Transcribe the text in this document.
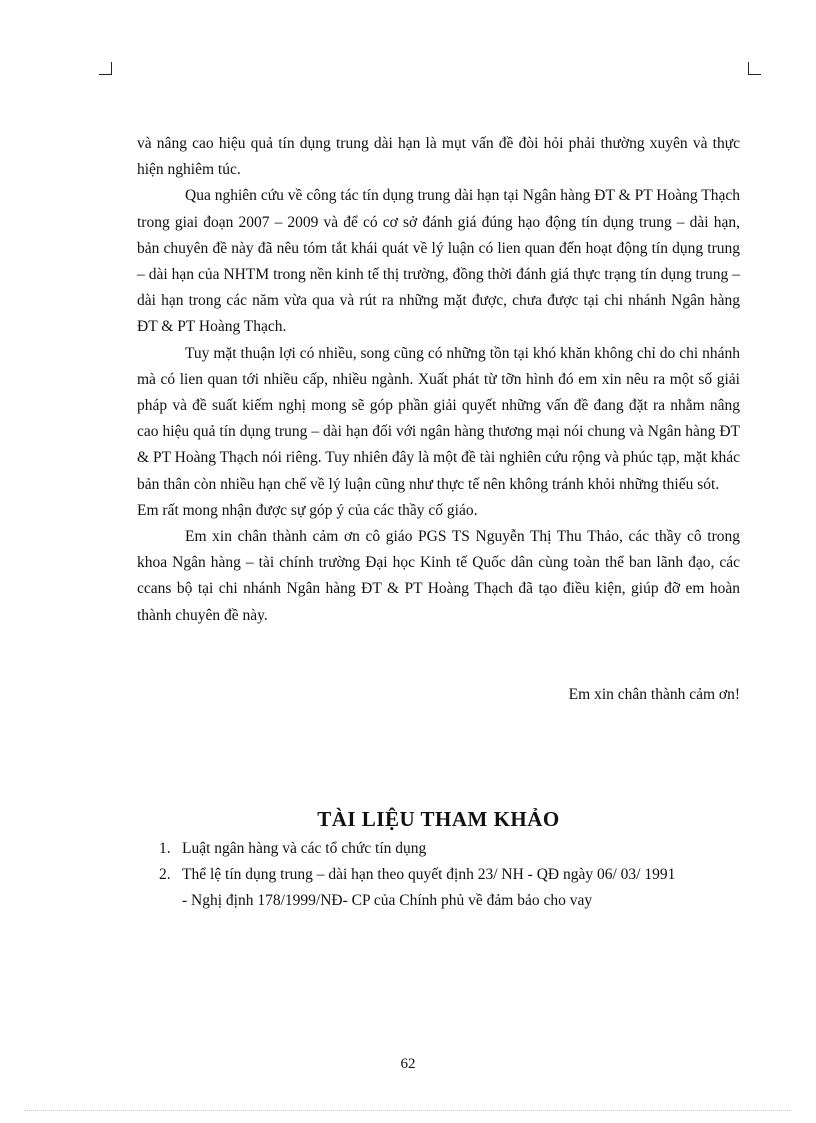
và nâng cao hiệu quả tín dụng trung dài hạn là mụt vấn đề đòi hỏi phải thường xuyên và thực hiện nghiêm túc.

Qua nghiên cứu về công tác tín dụng trung dài hạn tại Ngân hàng ĐT & PT Hoàng Thạch trong giai đoạn 2007 – 2009 và để có cơ sở đánh giá đúng hạo động tín dụng trung – dài hạn, bản chuyên đề này đã nêu tóm tắt khái quát về lý luận có lien quan đến hoạt động tín dụng trung – dài hạn của NHTM trong nền kinh tế thị trường, đồng thời đánh giá thực trạng tín dụng trung – dài hạn trong các năm vừa qua và rút ra những mặt được, chưa được tại chi nhánh Ngân hàng ĐT & PT Hoàng Thạch.

Tuy mặt thuận lợi có nhiều, song cũng có những tồn tại khó khăn không chỉ do chi nhánh mà có lien quan tới nhiều cấp, nhiều ngành. Xuất phát từ tỡn hình đó em xin nêu ra một số giải pháp và đề suất kiếm nghị mong sẽ góp phần giải quyết những vấn đề đang đặt ra nhằm nâng cao hiệu quả tín dụng trung – dài hạn đối với ngân hàng thương mại nói chung và Ngân hàng ĐT & PT Hoàng Thạch nói riêng. Tuy nhiên đây là một đề tài nghiên cứu rộng và phúc tạp, mặt khác bản thân còn nhiều hạn chế về lý luận cũng như thực tế nên không tránh khỏi những thiếu sót.

Em rất mong nhận được sự góp ý của các thầy cố giáo.

Em xin chân thành cảm ơn cô giáo PGS TS Nguyễn Thị Thu Thảo, các thầy cô trong khoa Ngân hàng – tài chính trường Đại học Kinh tế Quốc dân cùng toàn thể ban lãnh đạo, các ccans bộ tại chi nhánh Ngân hàng ĐT & PT Hoàng Thạch đã tạo điều kiện, giúp đỡ em hoàn thành chuyên đề này.

Em xin chân thành cảm ơn!
TÀI LIỆU THAM KHẢO
1. Luật ngân hàng và các tổ chức tín dụng
2. Thể lệ tín dụng trung – dài hạn theo quyết định 23/ NH - QĐ ngày 06/ 03/ 1991
- Nghị định 178/1999/NĐ- CP của Chính phủ về đảm bảo cho vay
62
